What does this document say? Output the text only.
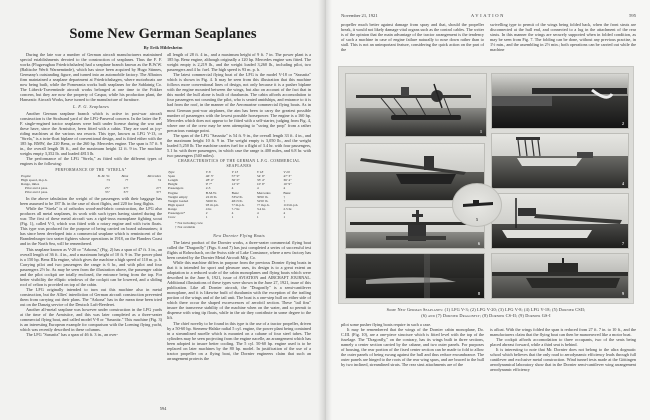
Some New German Seaplanes
By Erik Hildesheim

During the late war a number of German aircraft manufacturers maintained special establishments devoted to the construction of seaplanes. Thus the F. F. works (Flugzeugbau Friedrichshafen) had a seaplane branch known as the B.W.W. (Baltische Werft Warnemünde), which has since been acquired by Hugo Stinnes, Germany's outstanding figure, and turned into an automobile factory. The Albatros firm maintained a seaplane department at Friedrichshagen, where motorboats are now being built, while the Pomerania works built seaplanes for the Sablatnig Co. The Lübeck-Travemünde aircraft works belonged at one time to the Fokker concern, but they are now the property of Caspar, while his production plant, the Hanseatic Aircraft Works, have turned to the manufacture of furniture.

L. F. G. Seaplanes

Another German seaplane branch which is active in post-war aircraft construction is the Stralsund yard of the LFG-Parseval concern. In the latter the F. F. single-engined tractor seaplanes were built under license during the war and these have, since the Armistice, been fitted with a cabin. They are used as joy-riding machines at the various sea resorts. This type, known as LFG V-13, or "Strela," is a twin-float biplane of conventional design, and is fitted either with the 185 hp. BMW, the 220 Benz, or the 260 hp. Mercedes engine. The span is 57 ft. 9 in., the overall length 36 ft., and the maximum height 12 ft. 9 in. The machine weighs empty 3,352 lb. and loaded 4813 lb.

The performance of the LFG "Strela," as fitted with the different types of engines is the following:

PERFORMANCE OF THE "STRELA"
Engine	B. M. W.	Benz	Mercedes
High speed, m.p.h.	?3	?7	?4
Range, miles			
Pilot and 4 pass.	2??	2??	2??
Pilot and 2 pass.	3??	3??	3??

In the above tabulation the weight of the passengers with their baggage has been assumed to be 187 lb. in the case of short flights, and 220 for long flights.

While the "Strela" is of orthodox wood-and-fabric construction, the LFG also produces all metal seaplanes, its work with such types having started during the war. The first of these metal aircraft was a rigid-truss monoplane fighting scout (Fig. 1), called V-3, which was fitted with a rotary engine and with twin floats. This type was produced for the purpose of being carried on board submarines; it has since been developed into a commercial seaplane which is reminiscent of the Brandenburger two seater fighters whose operations in 1918, on the Flanders Coast and in the North Sea, will be remembered.

This seaplane known as V-20 or "Arkona," (Fig. 2) has a span of 47 ft. 3 in., an overall length of 36 ft. 4 in., and a maximum height of 10 ft. 9 in. The power plant is a 150 hp. Benz IIIa engine, which gives the machine a high speed of 110 m. p. h. Carrying pilot and two passengers the range is 6 hr., and with pilot and four passengers 2½ hr. As may be seen from the illustration above, the passenger cabin and the pilot cockpit are totally enclosed, the entrance being from the top. For better visibility the elliptic windows of the cockpit can be lowered, and a sliding roof of celion is provided on top of the cabin.

The LFG originally intended to turn out this machine also in metal construction, but the Allies' interdiction of German aircraft construction prevented them from carrying out their plans. The "Arkona" has in the mean time been tried out on the Danzig service of the Deutsch Luft-Reederei.

Another all-metal seaplane was however under construction in the LFG yards at the time of the Armistice, and this was later completed as a three-seater commercial flying boat, and called model V-8 or "Sassnitz." This machine (Fig. 3) is an interesting European example for comparison with the Loening flying yacht, which was recently described in these columns.

The LFG "Sassnitz" has a span of 46 ft. 3 in., an over-

all length of 28 ft. 4 in., and a maximum height of 9 ft. 7 in. The power plant is a 185 hp. Benz engine, although originally a 120 hp. Mercedes engine was fitted. The weight empty is 2,219 lb., and the weight loaded 3,260 lb., including pilot, two passengers and 4 hr. fuel. The high speed is 93 m. p. h.

The latest commercial flying boat of the LFG is the model V-18 or "Sassnitz" which is shown in Fig. 4. It may be seen from this illustration that this machine follows more conventional lines of design, not only because it is a pusher biplane with the engine mounted between the wings, but also on account of the fact that in this model the hull alone is built of duralumin. The cabin affords accomodation to four passengers not counting the pilot, who is seated amidships, and entrance to it is had from the roof, in the manner of the Aeromarine commercial flying boats. As in most German post-war airplanes, the aim has been to carry the greatest possible number of passengers with the lowest possible horsepower. The engine is a 160 hp. Mercedes which does not appear to be fitted with a self-starter, judging from Fig. 4, where one of the crew may be seen attempting to "swing the prop" from a rather precarious vantage point.

The span of the LFG "Sassnitz" is 54 ft. 9 in., the overall length 33 ft. 4 in., and the maximum height 10 ft. 9 in. The weight empty is 3,050 lb., and the weight loaded 5,250 lb. The machine carries fuel for a flight of 3.4 hr. with four passengers, 5.1 hr. with three passengers, in which case the range is 400 miles, and 6.8 hr. with two passengers (540 miles).

CHARACTERISTICS OF THE GERMAN L.F.G. COMMERCIAL
SEAPLANES
Type	V 8	V 13	V 18	V 20
Span	46' 3"	57' 9"	54' 9"	47' 3"
Length	28' 4"	36' 0"	33' 4"	36' 4"
Height	9' 7"	12' 9"	10' 9"	10' 9"
Passengers	2-3	4	4	4
Engine	B.M.W.	Benz	Mercedes	Benz
Weight empty	2219 lb.	3352 lb.	3050 lb.	†
Weight loaded	3260 lb.	4813 lb.	5250 lb.	†
High speed	93 m.p.h.	?? m.p.h.	?? m.p.h.	110 m.p.h.
Range	4 hr.	?.? hr.	3.4 hr.	2.5 hr.
Passengers*	2	4	4	4
Crew	1	1	1	1
* Not including crew
† Not available
New Dornier Flying Boats

The latest product of the Dornier works, a three-seater commercial flying boat called the "Dragonfly" (Figs. 6 and 7) has just completed a series of successful test flights at Rohrschach, on the Swiss side of Lake Constance, where a new factory has been created by the Dornier Metal Aircraft Mfg. Co.

While this machine differs in purpose from the previous Dornier flying boats in that it is intended for sport and pleasure uses, its design is to a great extent an adaptation to a reduced scale of the cabin monoplanes and flying boats which were described in the June 6, 1921, issue of AVIATION and AIRCRAFT JOURNAL. Additional illustrations of these types were shown in the June 27, 1921, issue of this publication. Like all Dornier aircraft, the "Dragonfly" is a semi-cantilever monoplane, and it is likewise built of duralumin with the exception of the trailing portion of the wings and of the tail unit. The boat is a one-step hull on either side of which there occur the shaped excrescences of aerofoil section. These "tail fins" insure the transverse stability of the machine when on the water, and so permit to dispense with wing tip floats, while in the air they contribute in some degree to the lift.

The chief novelty to be found in this type is the use of a tractor propeller, driven by a 50-60 hp. Siemens-Halske radial 5 cyl. engine, the power plant being contained in a streamlined nacelle which is mounted on a cabane of four steel tubes. The cylinders may be seen projecting from the engine nacelle, an arrangement which has been adopted to insure better cooling. The 5 cyl. 50-60 hp. engine used is to be replaced on later machines by the 80 hp. model. In justification of the use of a tractor propeller on a flying boat, the Dornier engineers claim that such an arrangement protects the

594
November 21, 1921	AVIATION	595

propeller much better against damage from spray and that, should the propeller break, it would not likely damage vital organs such as the control cables. The writer is of the opinion that the main advantage of the tractor arrangement is the tendency of such a machine in case of engine failure naturally to nose down rather than to stall. This is not an unimportant feature, considering the quick action on the part of the

swivelling type to permit of the wings being folded back, when the front struts are disconnected at the hull end, and connected to a lug in the attachment of the rear struts. In this manner the wings are securely supported when in folded condition, as may be seen from Fig. 7. The folding can be done, without any previous practise, in 1½ min., and the assembling in 2½ min.; both operations can be carried out while the machine

1
2
4
5
6	7
8	9
Some New German Seaplanes: (1) LFG V-3; (2) LFG V-20; (3) LFG V-8; (4) LFG V-18; (5) Dornier CSII;
(6) and (7) Dornier Dragonfly; (8) Dornier CS-II; (9) Dornier GS-I

pilot some pusher flying boats require in such a case.

It may be remembered that the wings of the Dornier cabin monoplane, Do. C.III. (Fig. 10), are a one-piece structure which is fitted level with the top of the fuselage. The "Dragonfly," on the contrary, has its wings built in three sections, namely a center section carried by the cabane, and two outer panels. For purposes of housing, the rear portion of the fixed center section can be made to fold to allow the outer panels of being swung against the hull and thus reduce encumbrance. The outer panels are hinged to the roots of the rear wing spars, and are braced to the hull by two inclined, streamlined struts. The rear strut attachments are of the

is afloat. With the wings folded the span is reduced from 27 ft. 7 in. to 10 ft., and the manufacturers claim that the flying boat can then be manoeuvred like a motor boat.

The cockpit affords accomodation to three occupants, two of the seats being placed abreast forward, while a third seat is behind.

It is interesting to note that Mr. Dornier does not belong to the ultra dogmatic school which believes that the only road to aerodynamic efficiency leads through full cantilever and exclusive metal construction. Wind tunnel tests made at the Göttingen aerodynamical laboratory show that in the Dornier semi-cantilever wing arrangement aerodynamic efficiency
